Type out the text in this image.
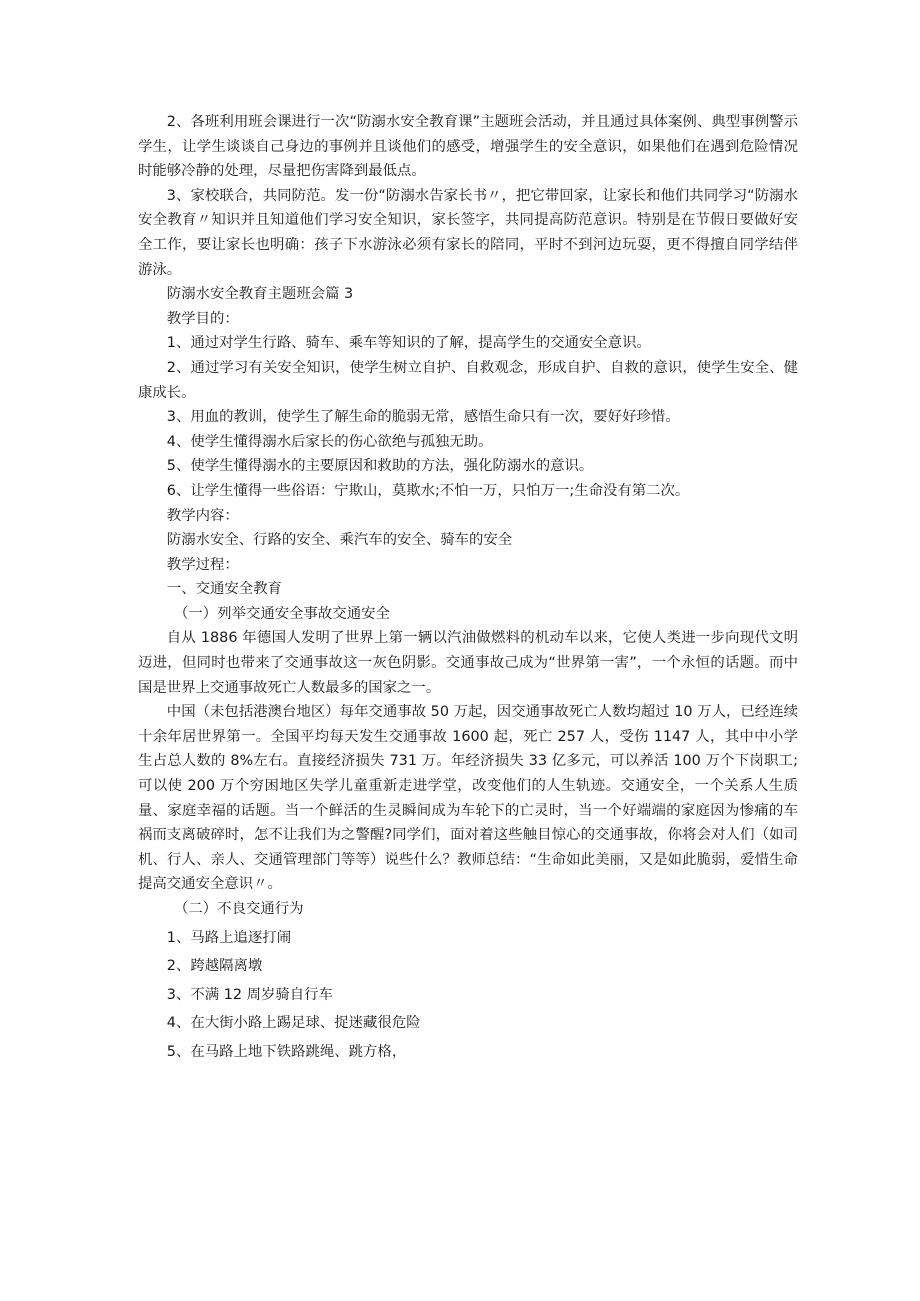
2、各班利用班会课进行一次“防溺水安全教育课”主题班会活动，并且通过具体案例、典型事例警示学生，让学生谈谈自己身边的事例并且谈他们的感受，增强学生的安全意识，如果他们在遇到危险情况时能够冷静的处理，尽量把伤害降到最低点。

3、家校联合，共同防范。发一份“防溺水告家长书〃，把它带回家，让家长和他们共同学习“防溺水安全教育〃知识并且知道他们学习安全知识，家长签字，共同提高防范意识。特别是在节假日要做好安全工作，要让家长也明确：孩子下水游泳必须有家长的陪同，平时不到河边玩耍，更不得擅自同学结伴游泳。

防溺水安全教育主题班会篇 3

教学目的：

1、通过对学生行路、骑车、乘车等知识的了解，提高学生的交通安全意识。

2、通过学习有关安全知识，使学生树立自护、自救观念，形成自护、自救的意识，使学生安全、健康成长。

3、用血的教训，使学生了解生命的脆弱无常，感悟生命只有一次，要好好珍惜。

4、使学生懂得溺水后家长的伤心欲绝与孤独无助。

5、使学生懂得溺水的主要原因和救助的方法，强化防溺水的意识。

6、让学生懂得一些俗语：宁欺山，莫欺水;不怕一万，只怕万一;生命没有第二次。

教学内容：

防溺水安全、行路的安全、乘汽车的安全、骑车的安全

教学过程：

一、交通安全教育

（一）列举交通安全事故交通安全

自从 1886 年德国人发明了世界上第一辆以汽油做燃料的机动车以来，它使人类进一步向现代文明迈进，但同时也带来了交通事故这一灰色阴影。交通事故己成为“世界第一害”，一个永恒的话题。而中国是世界上交通事故死亡人数最多的国家之一。

中国（未包括港澳台地区）每年交通事故 50 万起，因交通事故死亡人数均超过 10 万人，已经连续十余年居世界第一。全国平均每天发生交通事故 1600 起，死亡 257 人，受伤 1147 人，其中中小学生占总人数的 8%左右。直接经济损失 731 万。年经济损失 33 亿多元，可以养活 100 万个下岗职工;可以使 200 万个穷困地区失学儿童重新走进学堂，改变他们的人生轨迹。交通安全，一个关系人生质量、家庭幸福的话题。当一个鲜活的生灵瞬间成为车轮下的亡灵时，当一个好端端的家庭因为惨痛的车祸而支离破碎时，怎不让我们为之警醒?同学们，面对着这些触目惊心的交通事故，你将会对人们（如司机、行人、亲人、交通管理部门等等）说些什么？教师总结：“生命如此美丽，又是如此脆弱，爱惜生命提高交通安全意识〃。

（二）不良交通行为

1、马路上追逐打闹

2、跨越隔离墩

3、不满 12 周岁骑自行车

4、在大街小路上踢足球、捉迷藏很危险

5、在马路上地下铁路跳绳、跳方格，
